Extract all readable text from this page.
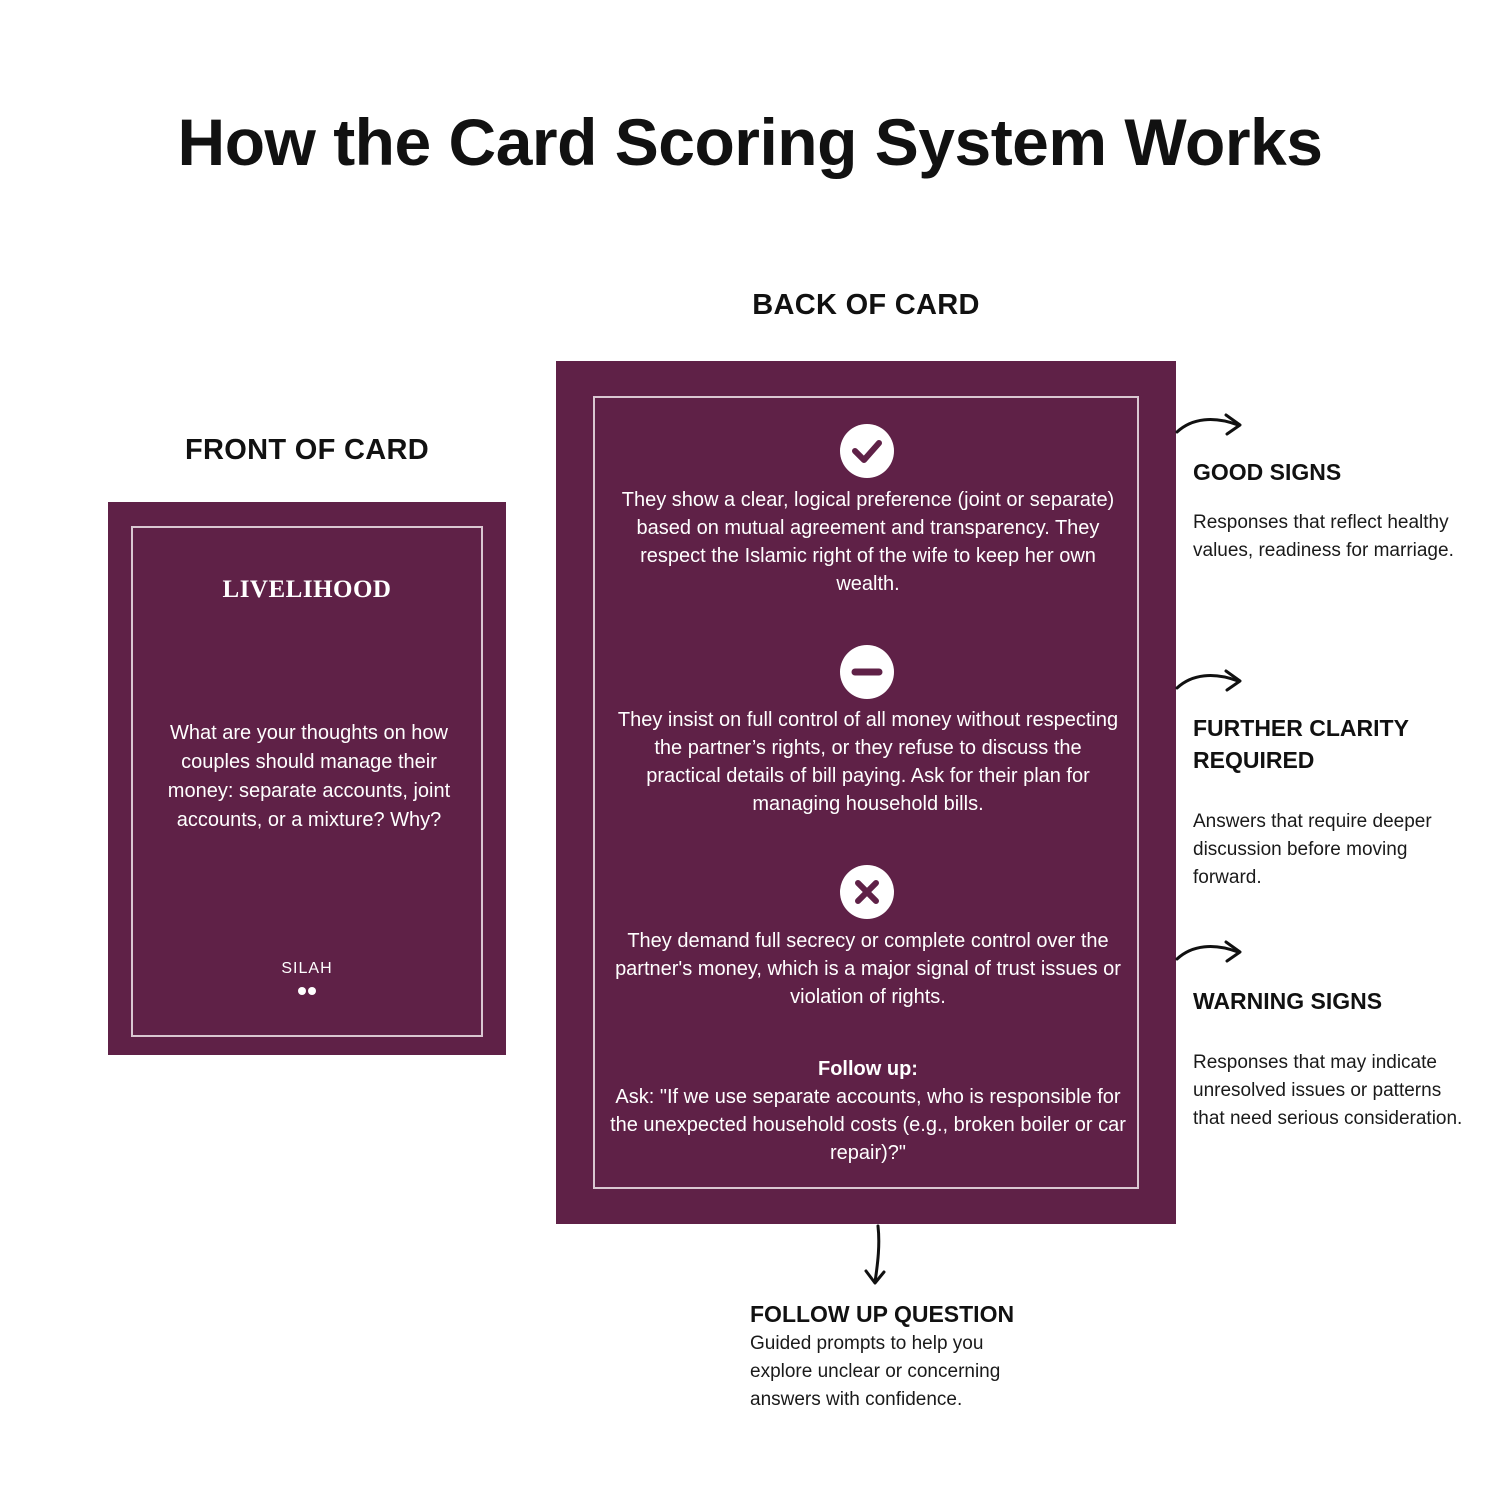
How the Card Scoring System Works
FRONT OF CARD

LIVELIHOOD

What are your thoughts on how couples should manage their money: separate accounts, joint accounts, or a mixture? Why?

SILAH
BACK OF CARD

They show a clear, logical preference (joint or separate) based on mutual agreement and transparency. They respect the Islamic right of the wife to keep her own wealth.

They insist on full control of all money without respecting the partner’s rights, or they refuse to discuss the practical details of bill paying. Ask for their plan for managing household bills.

They demand full secrecy or complete control over the partner's money, which is a major signal of trust issues or violation of rights.

Follow up:

Ask: "If we use separate accounts, who is responsible for the unexpected household costs (e.g., broken boiler or car repair)?"

GOOD SIGNS

Responses that reflect healthy values, readiness for marriage.

FURTHER CLARITY REQUIRED

Answers that require deeper discussion before moving forward.

WARNING SIGNS

Responses that may indicate unresolved issues or patterns that need serious consideration.

FOLLOW UP QUESTION

Guided prompts to help you explore unclear or concerning answers with confidence.
